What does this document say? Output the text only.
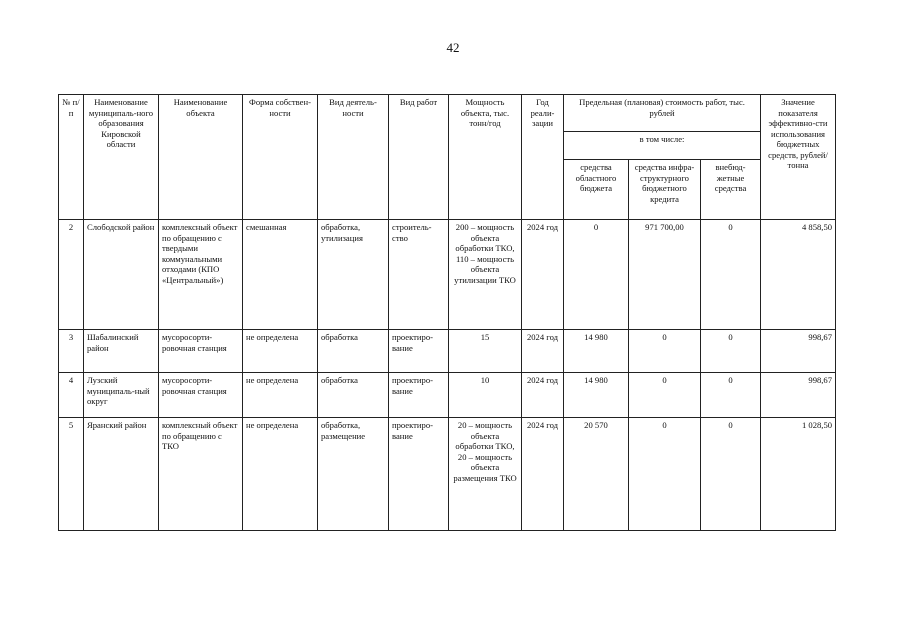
42
№ п/п	Наименование муниципаль-ного образования Кировской области	Наименование объекта	Форма собствен-ности	Вид деятель-ности	Вид работ	Мощность объекта, тыс. тонн/год	Год реали-зации	Предельная (плановая) стоимость работ, тыс. рублей			Значение показателя эффективно-сти использования бюджетных средств, рублей/тонна
								в том числе:			
								средства областного бюджета	средства инфра-структурного бюджетного кредита	внебюд-жетные средства	
2	Слободской район	комплексный объект по обращению с твердыми коммунальными отходами (КПО «Центральный»)	смешанная	обработка, утилизация	строитель-ство	200 – мощность объекта обработки ТКО, 110 – мощность объекта утилизации ТКО	2024 год	0	971 700,00	0	4 858,50
3	Шабалинский район	мусоросорти-ровочная станция	не определена	обработка	проектиро-вание	15	2024 год	14 980	0	0	998,67
4	Лузский муниципаль-ный округ	мусоросорти-ровочная станция	не определена	обработка	проектиро-вание	10	2024 год	14 980	0	0	998,67
5	Яранский район	комплексный объект по обращению с ТКО	не определена	обработка, размещение	проектиро-вание	20 – мощность объекта обработки ТКО, 20 – мощность объекта размещения ТКО	2024 год	20 570	0	0	1 028,50
